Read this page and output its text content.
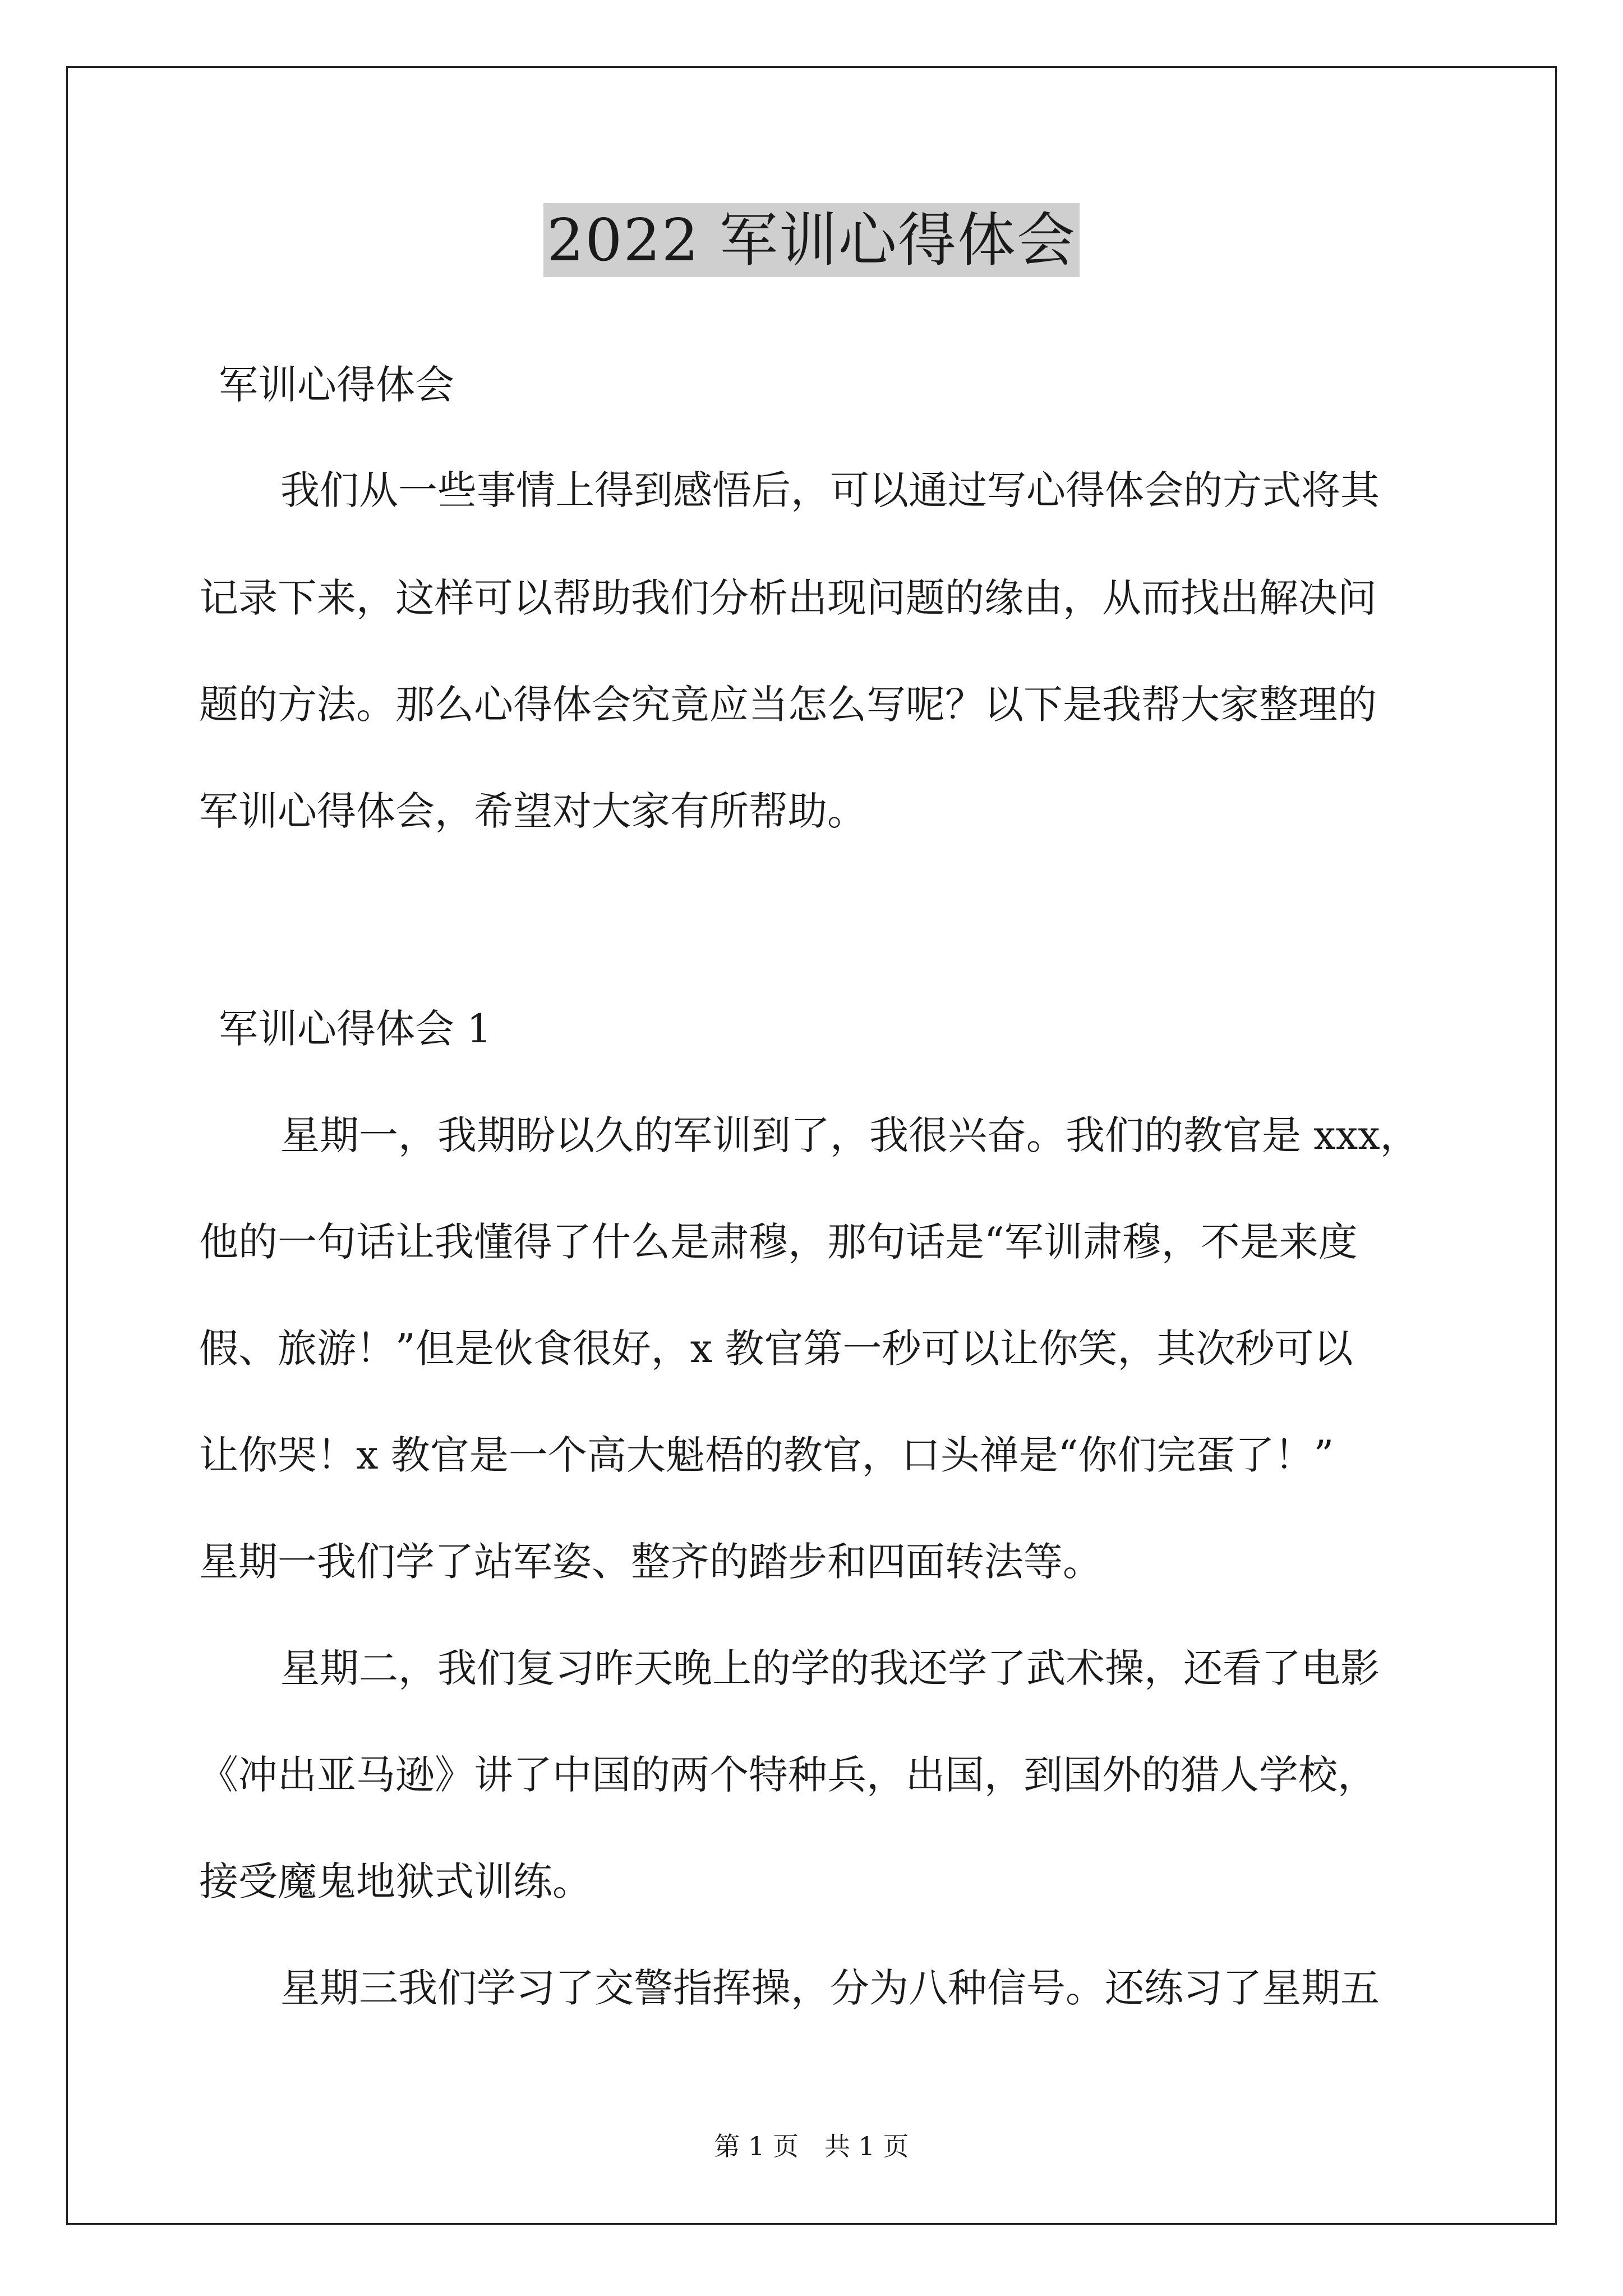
2022 军训心得体会
军训心得体会
我们从一些事情上得到感悟后，可以通过写心得体会的方式将其
记录下来，这样可以帮助我们分析出现问题的缘由，从而找出解决问
题的方法。那么心得体会究竟应当怎么写呢？以下是我帮大家整理的
军训心得体会，希望对大家有所帮助。
军训心得体会 1
星期一，我期盼以久的军训到了，我很兴奋。我们的教官是 xxx，
他的一句话让我懂得了什么是肃穆，那句话是“军训肃穆，不是来度
假、旅游！”但是伙食很好，x 教官第一秒可以让你笑，其次秒可以
让你哭！x 教官是一个高大魁梧的教官，口头禅是“你们完蛋了！”
星期一我们学了站军姿、整齐的踏步和四面转法等。
星期二，我们复习昨天晚上的学的我还学了武术操，还看了电影
《冲出亚马逊》讲了中国的两个特种兵，出国，到国外的猎人学校，
接受魔鬼地狱式训练。
星期三我们学习了交警指挥操，分为八种信号。还练习了星期五
第 1 页　共 1 页
